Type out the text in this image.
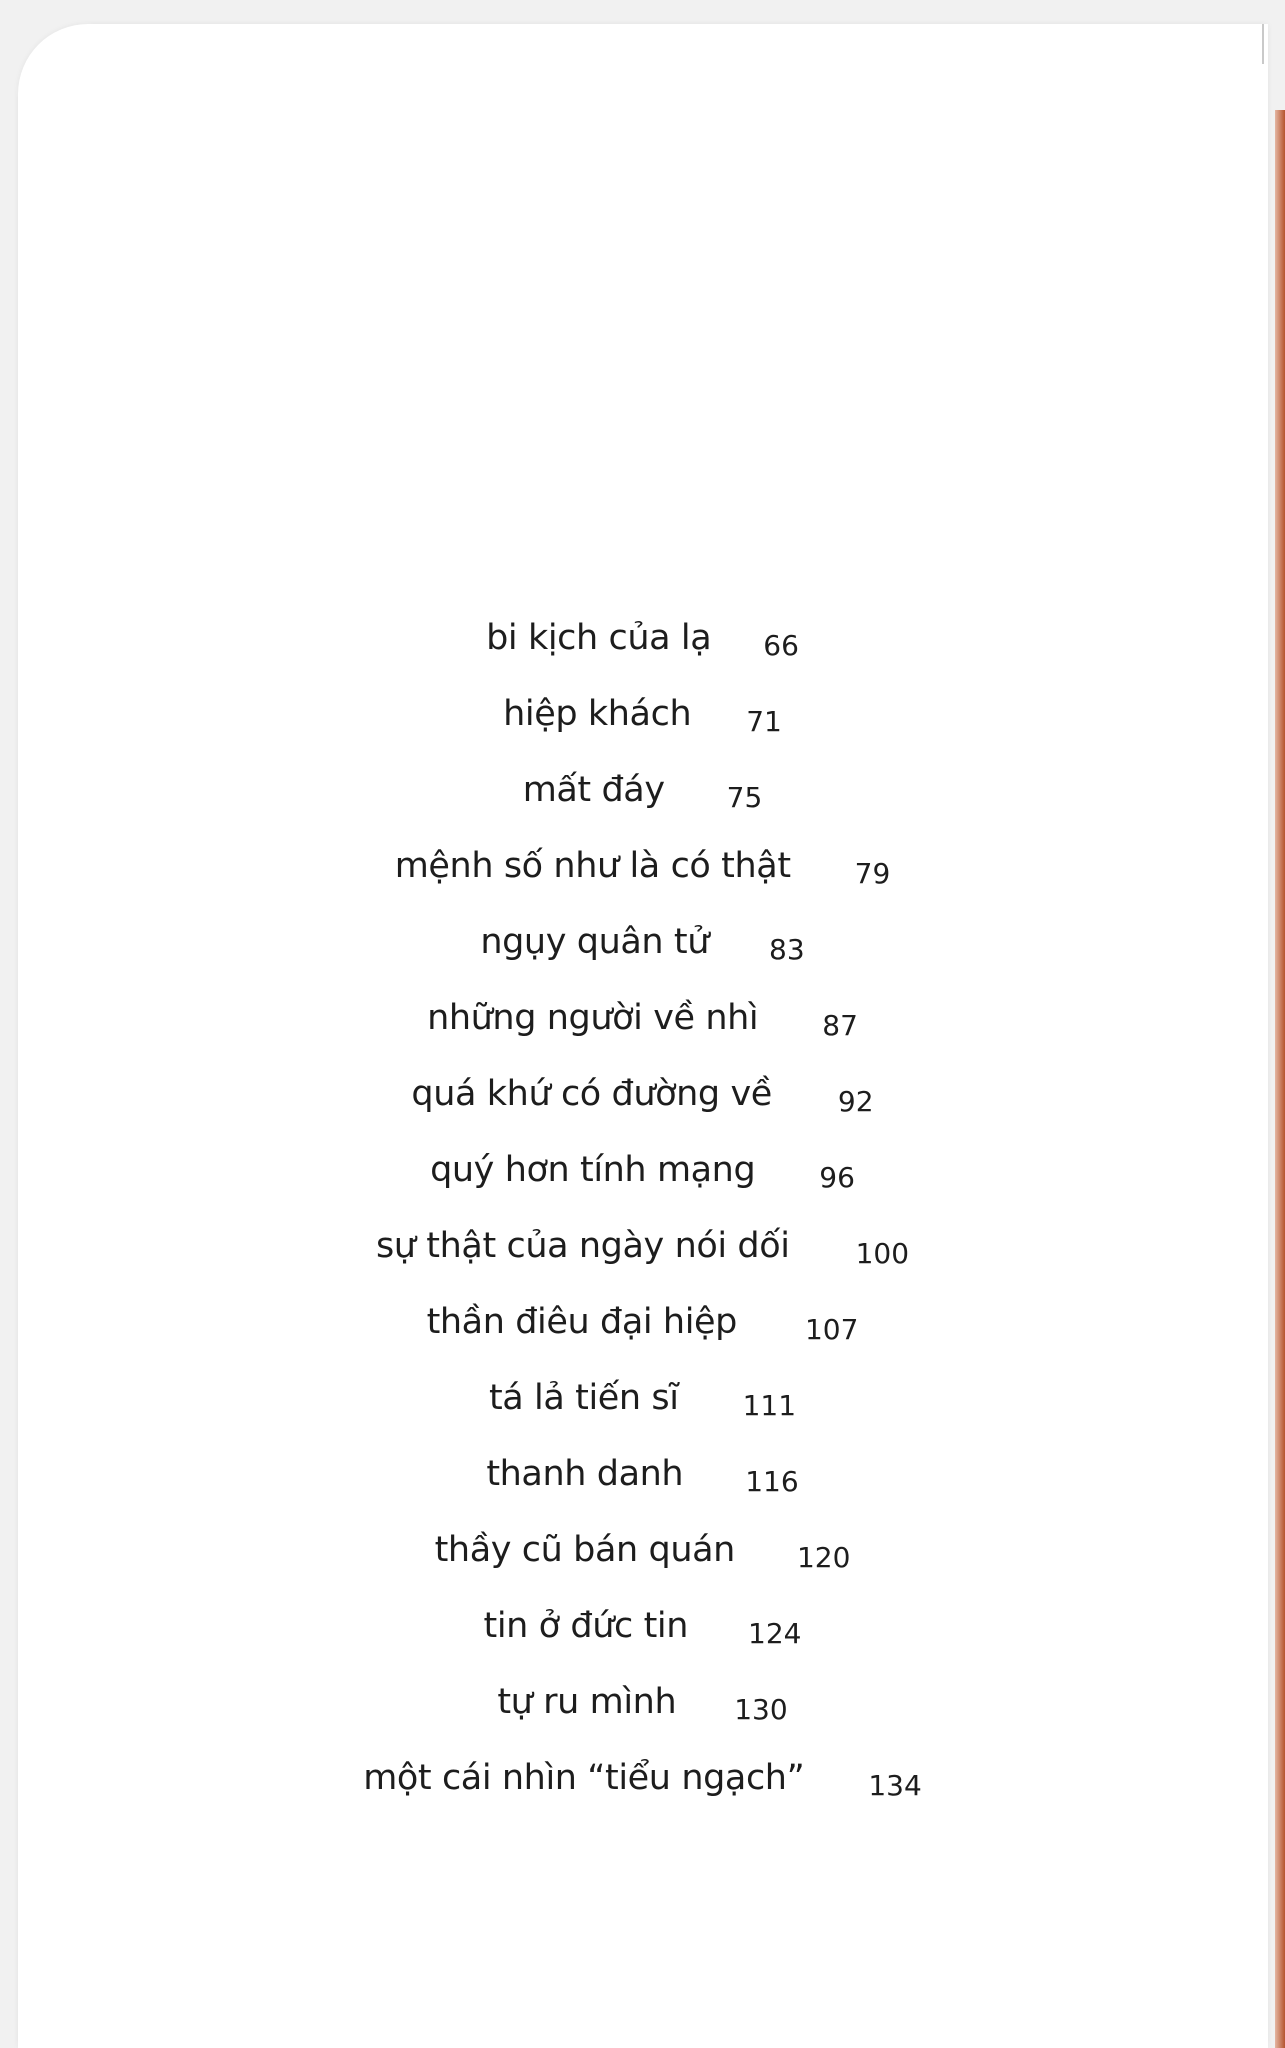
bi kịch của lạ 66
hiệp khách 71
mất đáy 75
mệnh số như là có thật 79
ngụy quân tử 83
những người về nhì 87
quá khứ có đường về 92
quý hơn tính mạng 96
sự thật của ngày nói dối 100
thần điêu đại hiệp 107
tá lả tiến sĩ 111
thanh danh 116
thầy cũ bán quán 120
tin ở đức tin 124
tự ru mình 130
một cái nhìn “tiểu ngạch” 134
